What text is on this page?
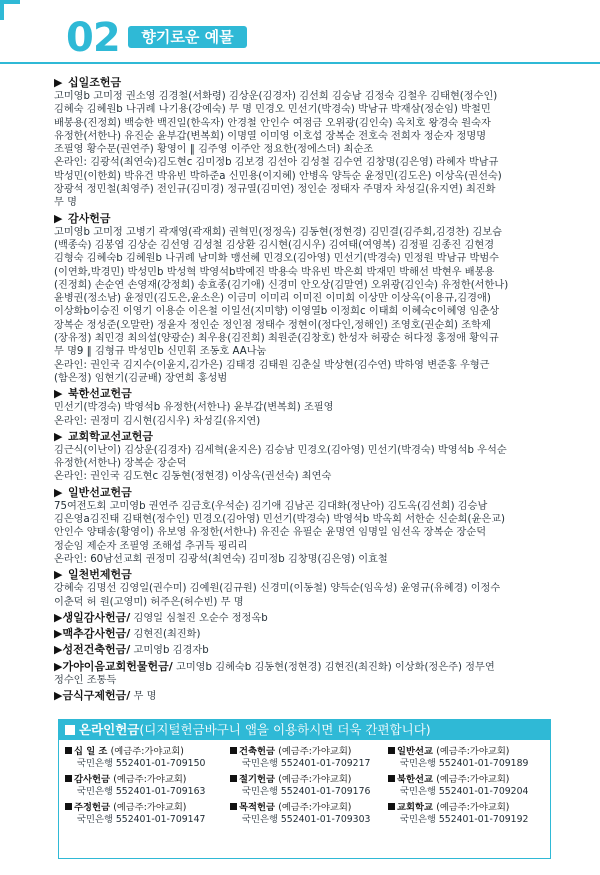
02	향기로운 예물
▶ 십일조헌금

고미영b 고미정 권소영 김경철(서화령) 김상운(김경자) 김선희 김승남 김정숙 김철우 김태현(정수인)

김혜숙 김혜원b 나귀례 나기용(강예숙) 무 명 민경오 민선기(박경숙) 박남규 박재삼(정순임) 박철민

배봉용(진정희) 백승한 백진일(한옥자) 안경철 안인수 여점금 오위광(김인숙) 옥치호 왕경숙 원숙자

유정한(서한나) 유진순 윤부갑(변복희) 이명열 이미영 이호섭 장복순 전호숙 전희자 정순자 정명명

조필영 황수문(권연주) 황영이 ‖ 김주영 이주안 정요한(정에스더) 최순조

온라인: 김광석(최연숙)김도현c 김미정b 김보경 김선아 김성철 김수연 김창명(김은영) 라혜자 박남규

박성민(이한희) 박유건 박유빈 박하준a 신민용(이지혜) 안병옥 양득순 윤정민(김도은) 이상옥(권선숙)

장광석 정민철(최영주) 전인규(김미경) 정규열(김미연) 정인순 정태자 주명자 차성길(유지연) 최진화

무 명

▶ 감사헌금

고미영b 고미정 고병기 곽재영(곽재희) 권혁민(정정옥) 김동현(정현경) 김민결(김주희,김경찬) 김보슴

(백종숙) 김봉엽 김상순 김선영 김성철 김상환 김시현(김시우) 김여태(여영복) 김정필 김종진 김현경

김형숙 김혜숙b 김혜원b 나귀례 남미화 맹선혜 민경오(김아영) 민선기(박경숙) 민정원 박남규 박범수

(이연화,박경민) 박성민b 박성혁 박영석b박예진 박용숙 박유빈 박은희 박재민 박해선 박현우 배봉용

(진정희) 손순연 손영재(강정희) 송효종(김기애) 신경미 안오상(김말연) 오위광(김인숙) 유정한(서한나)

윤병권(정소남) 윤정민(김도은,윤소은) 이금미 이미리 이미진 이미희 이상만 이상옥(이용규,김경애)

이상화b이승진 이영기 이용순 이은철 이일선(지미향) 이영열b 이정희c 이태희 이혜숙c이혜영 임춘상

장복순 정성준(오말란) 정윤자 정인순 정인점 정태수 정현이(정다인,정해인) 조영호(권순희) 조학제

(장유정) 최민경 최의섭(양광순) 최우용(김진희) 최원준(김창호) 한성자 허광순 허다정 홍정애 황익규

무 명9 ‖ 김형규 박성민b 신민휘 조동호 AA나눔

온라인: 권인국 김지수(이윤지,김가은) 김태경 김태원 김춘실 박상현(김수연) 박하영 변준홍 우형근

(함은정) 임현기(김균배) 장연희 홍성범

▶ 북한선교헌금

민선기(박경숙) 박영석b 유정한(서한나) 윤부갑(변복희) 조필영

온라인: 권정미 김시현(김시우) 차성길(유지연)

▶ 교회학교선교헌금

김근식(이난이) 김상운(김경자) 김세혁(윤지은) 김승남 민경오(김아영) 민선기(박경숙) 박영석b 우석순

유정한(서한나) 장복순 장순덕

온라인: 권인국 김도현c 김동현(정현경) 이상옥(권선숙) 최연숙

▶ 일반선교헌금

75여전도회 고미영b 권연주 김금호(우석순) 김기애 김남곤 김대화(정난아) 김도옥(김선희) 김승남

김은영a김진태 김태현(정수인) 민경오(김아영) 민선기(박경숙) 박영석b 박옥희 서한순 신순희(윤은교)

안인수 양태송(황영이) 유보영 유정한(서한나) 유진순 유필순 윤명연 임명일 임선옥 장복순 장순덕

정순임 제순자 조필영 조해섭 추귀득 핑리리

온라인: 60남선교회 권정미 김광석(최연숙) 김미정b 김창명(김은영) 이효철

▶ 일천번제헌금

강혜숙 김명선 김영일(권수미) 김예원(김규원) 신경미(이동철) 양득순(임옥성) 윤영규(유혜경) 이정수

이춘덕 허 원(고영미) 허주은(허수빈) 무 명

▶생일감사헌금/ 김영일 심철진 오순수 정정옥b

▶맥추감사헌금/ 김현진(최진화)

▶성전건축헌금/ 고미영b 김경자b

▶가야이음교회헌물헌금/ 고미영b 김혜숙b 김동현(정현경) 김현진(최진화) 이상화(정은주) 정무연

정수인 조통득

▶금식구제헌금/ 무 명

온라인헌금(디지털헌금바구니 앱을 이용하시면 더욱 간편합니다)
십 일 조 (예금주:가야교회)
국민은행 552401-01-709150
건축헌금 (예금주:가야교회)
국민은행 552401-01-709217
일반선교 (예금주:가야교회)
국민은행 552401-01-709189
감사헌금 (예금주:가야교회)
국민은행 552401-01-709163
절기헌금 (예금주:가야교회)
국민은행 552401-01-709176
북한선교 (예금주:가야교회)
국민은행 552401-01-709204
주정헌금 (예금주:가야교회)
국민은행 552401-01-709147
목적헌금 (예금주:가야교회)
국민은행 552401-01-709303
교회학교 (예금주:가야교회)
국민은행 552401-01-709192
